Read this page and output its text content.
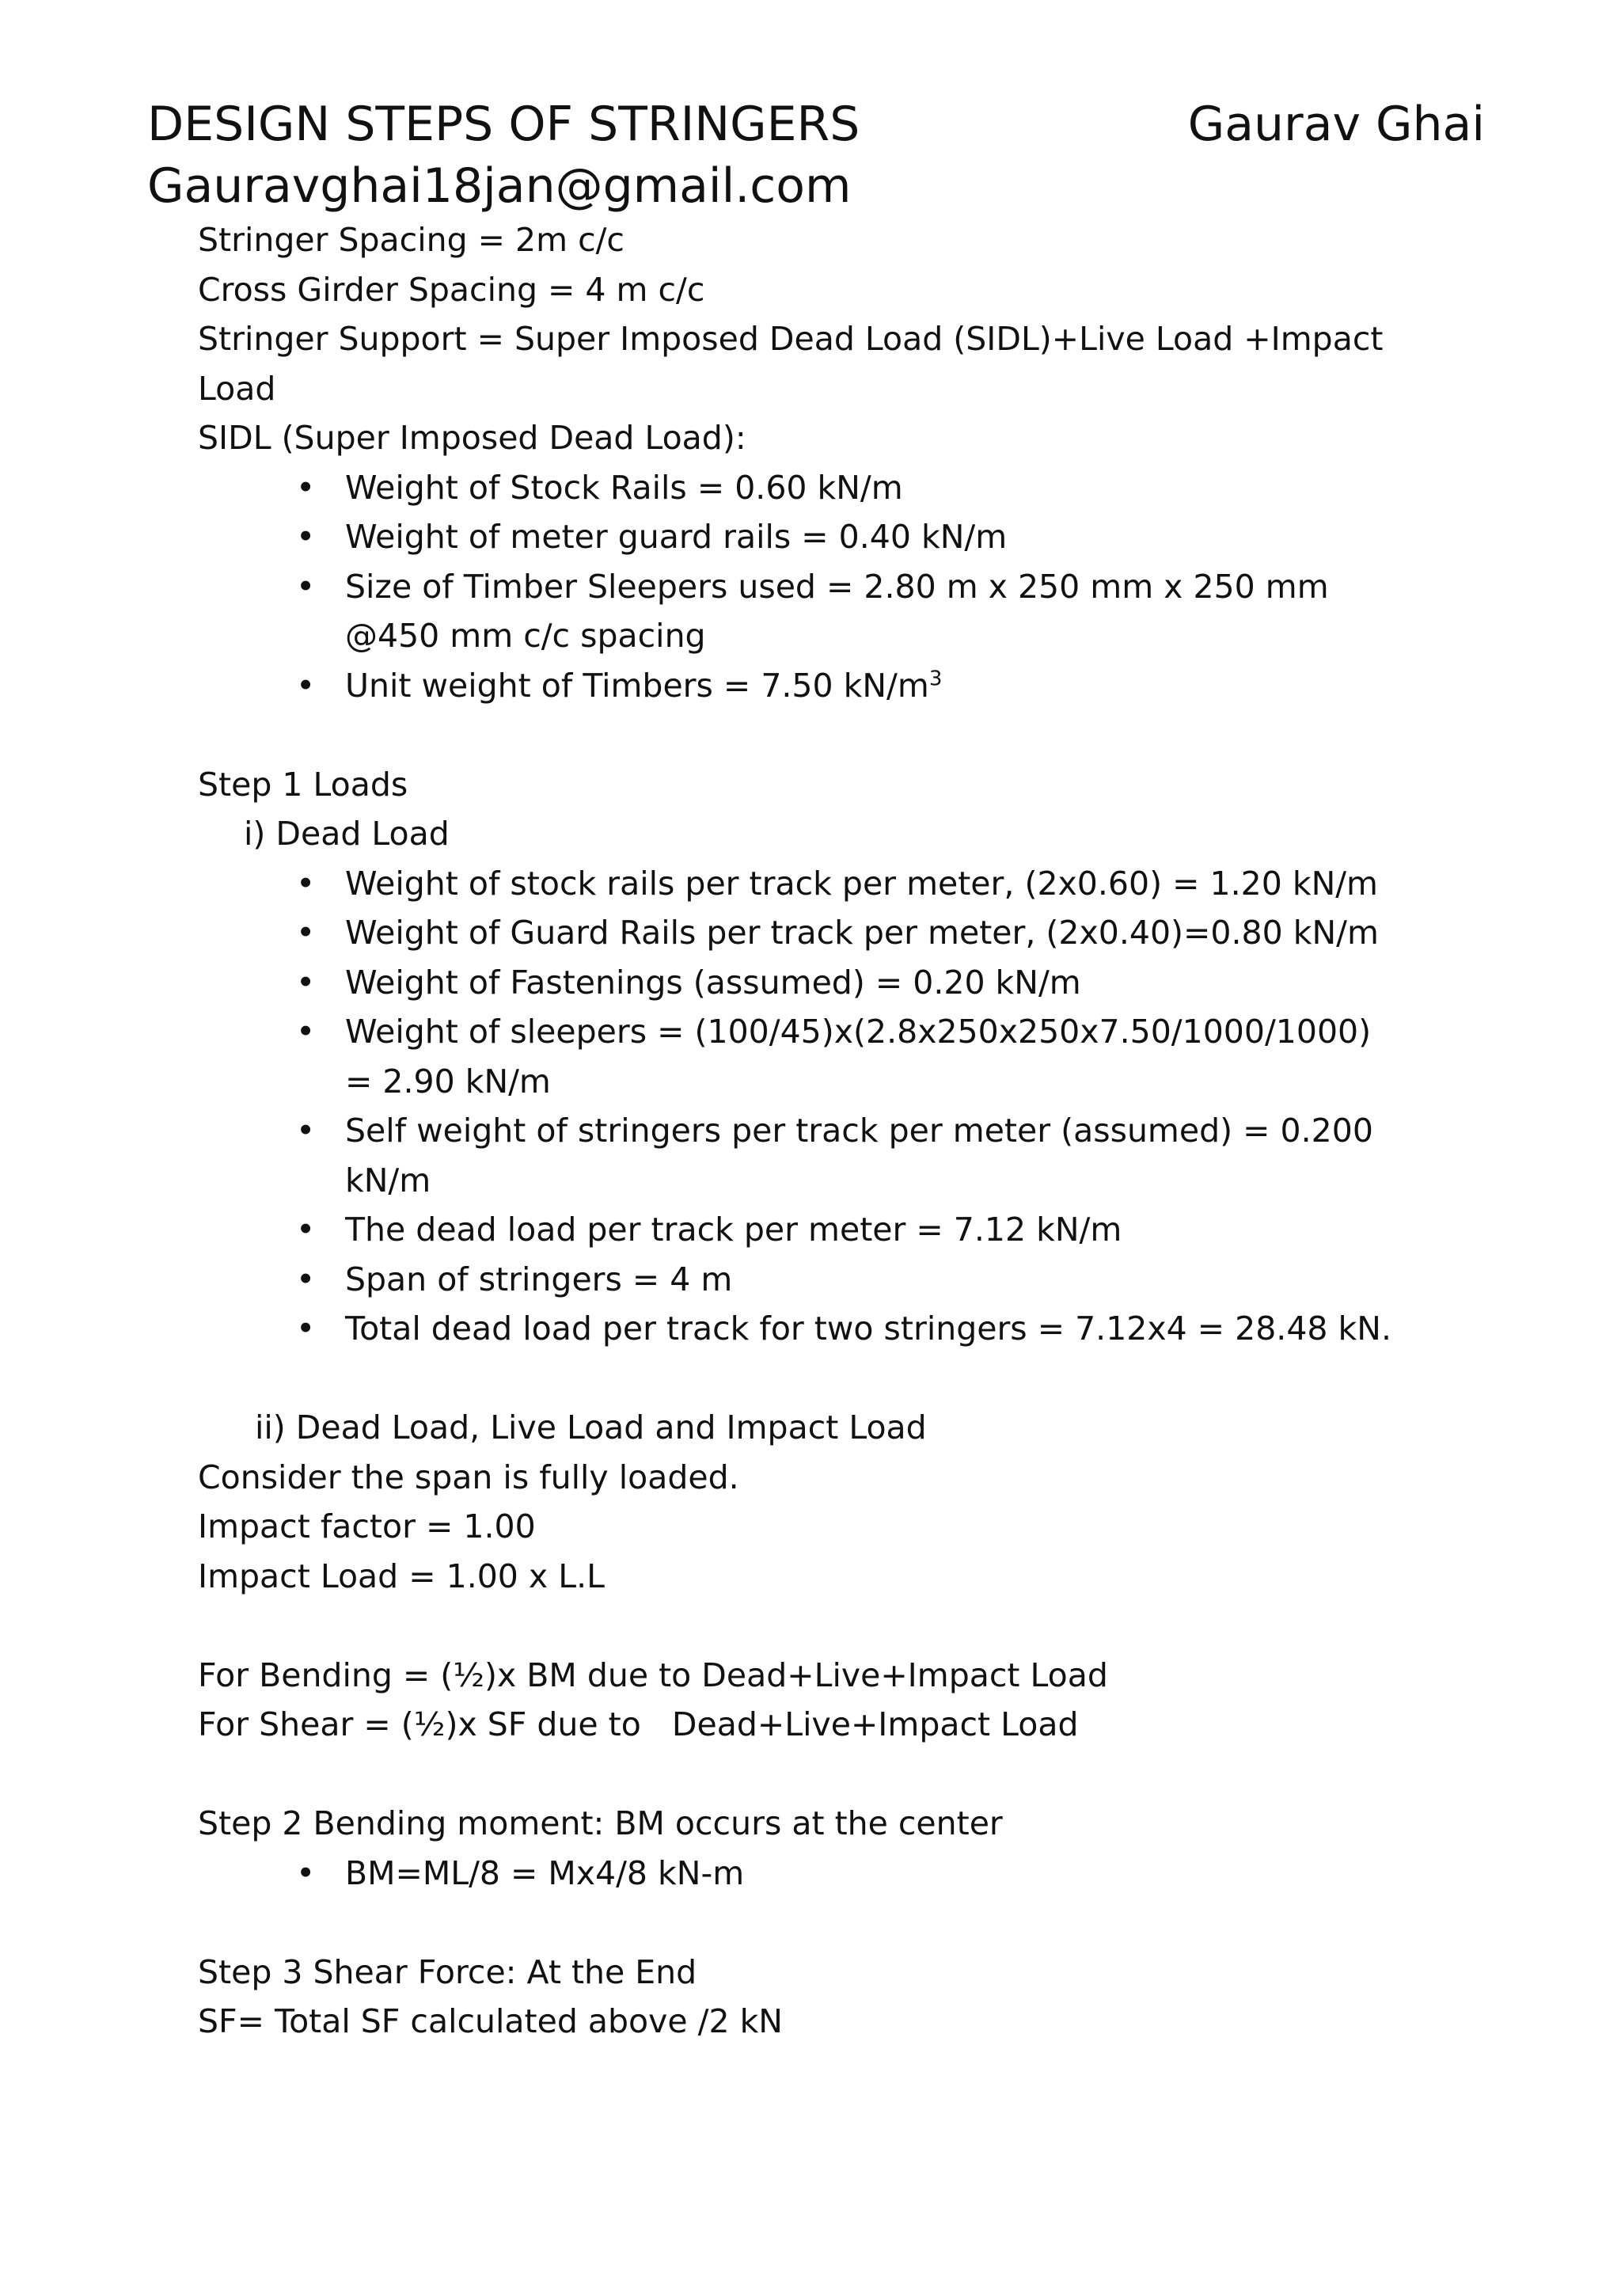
DESIGN STEPS OF STRINGERS	Gaurav Ghai
Gauravghai18jan@gmail.com
Stringer Spacing = 2m c/c
Cross Girder Spacing = 4 m c/c
Stringer Support = Super Imposed Dead Load (SIDL)+Live Load +Impact
Load
SIDL (Super Imposed Dead Load):
• Weight of Stock Rails = 0.60 kN/m
• Weight of meter guard rails = 0.40 kN/m
• Size of Timber Sleepers used = 2.80 m x 250 mm x 250 mm @450 mm c/c spacing
• Unit weight of Timbers = 7.50 $kN/m^3$
Step 1 Loads
i) Dead Load
• Weight of stock rails per track per meter, (2x0.60) = 1.20 kN/m
• Weight of Guard Rails per track per meter, (2x0.40)=0.80 kN/m
• Weight of Fastenings (assumed) = 0.20 kN/m
• Weight of sleepers = (100/45)x(2.8x250x250x7.50/1000/1000) = 2.90 kN/m
• Self weight of stringers per track per meter (assumed) = 0.200 kN/m
• The dead load per track per meter = 7.12 kN/m
• Span of stringers = 4 m
• Total dead load per track for two stringers = 7.12x4 = 28.48 kN.
ii) Dead Load, Live Load and Impact Load
Consider the span is fully loaded.
Impact factor = 1.00
Impact Load = 1.00 x L.L
For Bending = (½)x BM due to Dead+Live+Impact Load
For Shear = (½)x SF due to   Dead+Live+Impact Load
Step 2 Bending moment: BM occurs at the center
• BM=ML/8 = Mx4/8 kN-m
Step 3 Shear Force: At the End
SF= Total SF calculated above /2 kN
